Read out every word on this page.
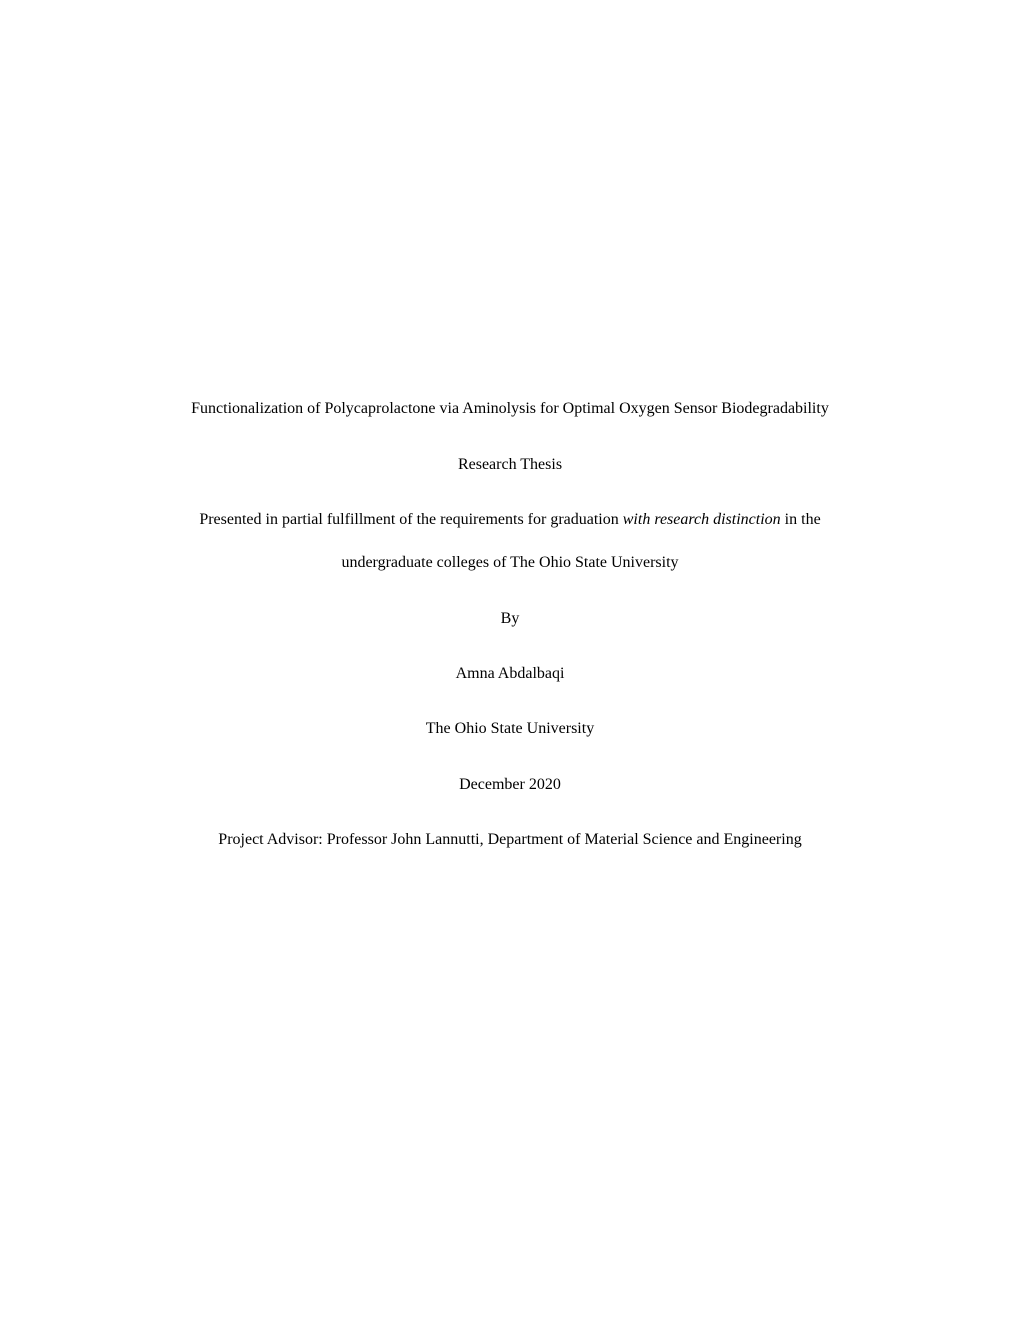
Functionalization of Polycaprolactone via Aminolysis for Optimal Oxygen Sensor Biodegradability
Research Thesis
Presented in partial fulfillment of the requirements for graduation with research distinction in the
undergraduate colleges of The Ohio State University
By
Amna Abdalbaqi
The Ohio State University
December 2020
Project Advisor: Professor John Lannutti, Department of Material Science and Engineering
